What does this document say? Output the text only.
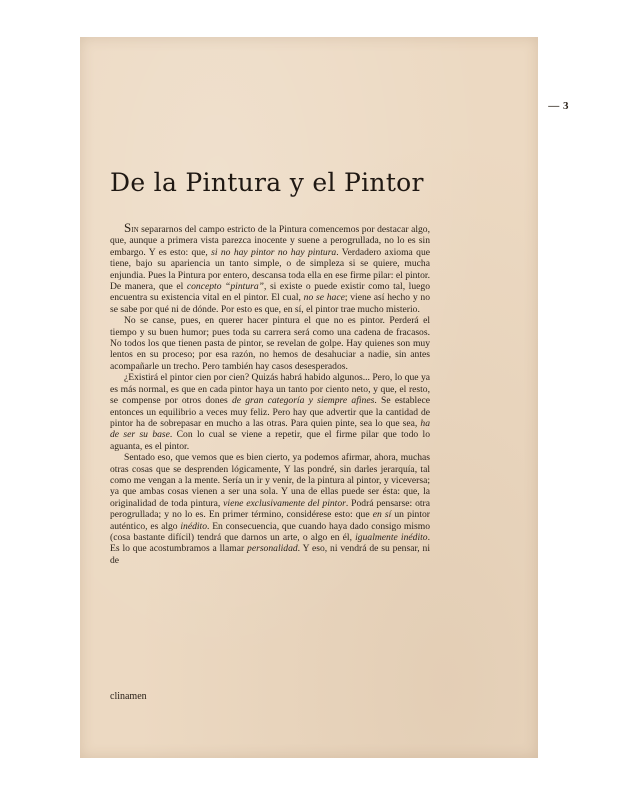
— 3
De la Pintura y el Pintor

Sin separarnos del campo estricto de la Pintura comencemos por destacar algo, que, aunque a primera vista parezca inocente y suene a perogrullada, no lo es sin embargo. Y es esto: que, si no hay pintor no hay pintura. Verdadero axioma que tiene, bajo su apariencia un tanto simple, o de simpleza si se quiere, mucha enjundia. Pues la Pintura por entero, descansa toda ella en ese firme pilar: el pintor. De manera, que el concepto “pintura”, si existe o puede existir como tal, luego encuentra su existencia vital en el pintor. El cual, no se hace; viene así hecho y no se sabe por qué ni de dónde. Por esto es que, en sí, el pintor trae mucho misterio.

No se canse, pues, en querer hacer pintura el que no es pintor. Perderá el tiempo y su buen humor; pues toda su carrera será como una cadena de fracasos. No todos los que tienen pasta de pintor, se revelan de golpe. Hay quienes son muy lentos en su proceso; por esa razón, no hemos de desahuciar a nadie, sin antes acompañarle un trecho. Pero también hay casos desesperados.

¿Existirá el pintor cien por cien? Quizás habrá habido algunos... Pero, lo que ya es más normal, es que en cada pintor haya un tanto por ciento neto, y que, el resto, se compense por otros dones de gran categoría y siempre afines. Se establece entonces un equilibrio a veces muy feliz. Pero hay que advertir que la cantidad de pintor ha de sobrepasar en mucho a las otras. Para quien pinte, sea lo que sea, ha de ser su base. Con lo cual se viene a repetir, que el firme pilar que todo lo aguanta, es el pintor.

Sentado eso, que vemos que es bien cierto, ya podemos afirmar, ahora, muchas otras cosas que se desprenden lógicamente, Y las pondré, sin darles jerarquía, tal como me vengan a la mente. Sería un ir y venir, de la pintura al pintor, y viceversa; ya que ambas cosas vienen a ser una sola. Y una de ellas puede ser ésta: que, la originalidad de toda pintura, viene exclusivamente del pintor. Podrá pensarse: otra perogrullada; y no lo es. En primer término, considérese esto: que en sí un pintor auténtico, es algo inédito. En consecuencia, que cuando haya dado consigo mismo (cosa bastante difícil) tendrá que darnos un arte, o algo en él, igualmente inédito. Es lo que acostumbramos a llamar personalidad. Y eso, ni vendrá de su pensar, ni de

clinamen
